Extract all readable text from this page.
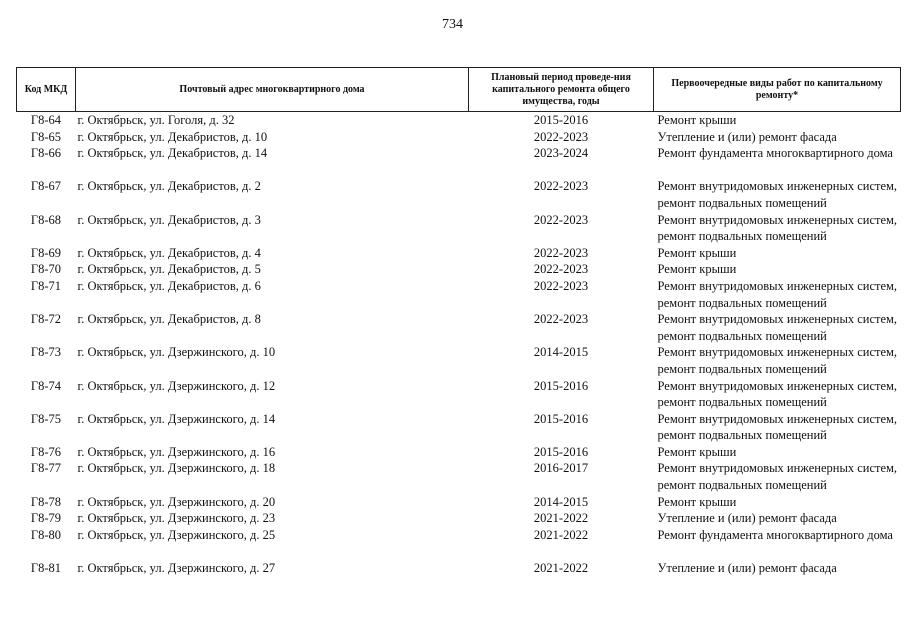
734
Код МКД	Почтовый адрес многоквартирного дома	Плановый период проведе-ния капитального ремонта общего имущества, годы	Первоочередные виды работ по капитальному ремонту*
Г8-64	г. Октябрьск, ул. Гоголя, д. 32	2015-2016	Ремонт крыши

Г8-65	г. Октябрьск, ул. Декабристов, д. 10	2022-2023	Утепление и (или) ремонт фасада

Г8-66	г. Октябрьск, ул. Декабристов, д. 14	2023-2024	Ремонт фундамента многоквартирного дома

Г8-67	г. Октябрьск, ул. Декабристов, д. 2	2022-2023	Ремонт внутридомовых инженерных систем,
ремонт подвальных помещений

Г8-68	г. Октябрьск, ул. Декабристов, д. 3	2022-2023	Ремонт внутридомовых инженерных систем,
ремонт подвальных помещений

Г8-69	г. Октябрьск, ул. Декабристов, д. 4	2022-2023	Ремонт крыши

Г8-70	г. Октябрьск, ул. Декабристов, д. 5	2022-2023	Ремонт крыши

Г8-71	г. Октябрьск, ул. Декабристов, д. 6	2022-2023	Ремонт внутридомовых инженерных систем,
ремонт подвальных помещений

Г8-72	г. Октябрьск, ул. Декабристов, д. 8	2022-2023	Ремонт внутридомовых инженерных систем,
ремонт подвальных помещений

Г8-73	г. Октябрьск, ул. Дзержинского, д. 10	2014-2015	Ремонт внутридомовых инженерных систем,
ремонт подвальных помещений

Г8-74	г. Октябрьск, ул. Дзержинского, д. 12	2015-2016	Ремонт внутридомовых инженерных систем,
ремонт подвальных помещений

Г8-75	г. Октябрьск, ул. Дзержинского, д. 14	2015-2016	Ремонт внутридомовых инженерных систем,
ремонт подвальных помещений

Г8-76	г. Октябрьск, ул. Дзержинского, д. 16	2015-2016	Ремонт крыши

Г8-77	г. Октябрьск, ул. Дзержинского, д. 18	2016-2017	Ремонт внутридомовых инженерных систем,
ремонт подвальных помещений

Г8-78	г. Октябрьск, ул. Дзержинского, д. 20	2014-2015	Ремонт крыши

Г8-79	г. Октябрьск, ул. Дзержинского, д. 23	2021-2022	Утепление и (или) ремонт фасада

Г8-80	г. Октябрьск, ул. Дзержинского, д. 25	2021-2022	Ремонт фундамента многоквартирного дома

Г8-81	г. Октябрьск, ул. Дзержинского, д. 27	2021-2022	Утепление и (или) ремонт фасада
